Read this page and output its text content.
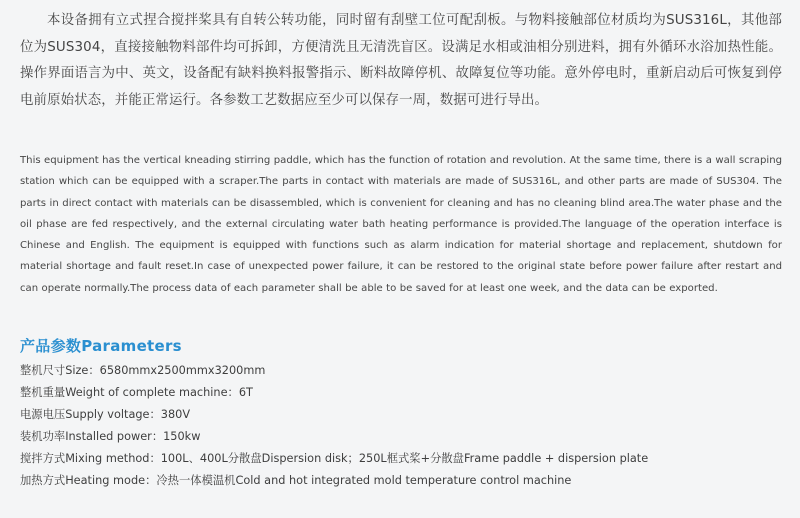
本设备拥有立式捏合搅拌桨具有自转公转功能，同时留有刮壁工位可配刮板。与物料接触部位材质均为SUS316L，其他部位为SUS304，直接接触物料部件均可拆卸，方便清洗且无清洗盲区。设满足水相或油相分别进料，拥有外循环水浴加热性能。操作界面语言为中、英文，设备配有缺料换料报警指示、断料故障停机、故障复位等功能。意外停电时，重新启动后可恢复到停电前原始状态，并能正常运行。各参数工艺数据应至少可以保存一周，数据可进行导出。

This equipment has the vertical kneading stirring paddle, which has the function of rotation and revolution. At the same time, there is a wall scraping station which can be equipped with a scraper.The parts in contact with materials are made of SUS316L, and other parts are made of SUS304. The parts in direct contact with materials can be disassembled, which is convenient for cleaning and has no cleaning blind area.The water phase and the oil phase are fed respectively, and the external circulating water bath heating performance is provided.The language of the operation interface is Chinese and English. The equipment is equipped with functions such as alarm indication for material shortage and replacement, shutdown for material shortage and fault reset.In case of unexpected power failure, it can be restored to the original state before power failure after restart and can operate normally.The process data of each parameter shall be able to be saved for at least one week, and the data can be exported.

产品参数Parameters
整机尺寸Size：6580mmx2500mmx3200mm
整机重量Weight of complete machine：6T
电源电压Supply voltage：380V
装机功率Installed power：150kw
搅拌方式Mixing method：100L、400L分散盘Dispersion disk；250L框式桨+分散盘Frame paddle + dispersion plate
加热方式Heating mode：冷热一体模温机Cold and hot integrated mold temperature control machine
